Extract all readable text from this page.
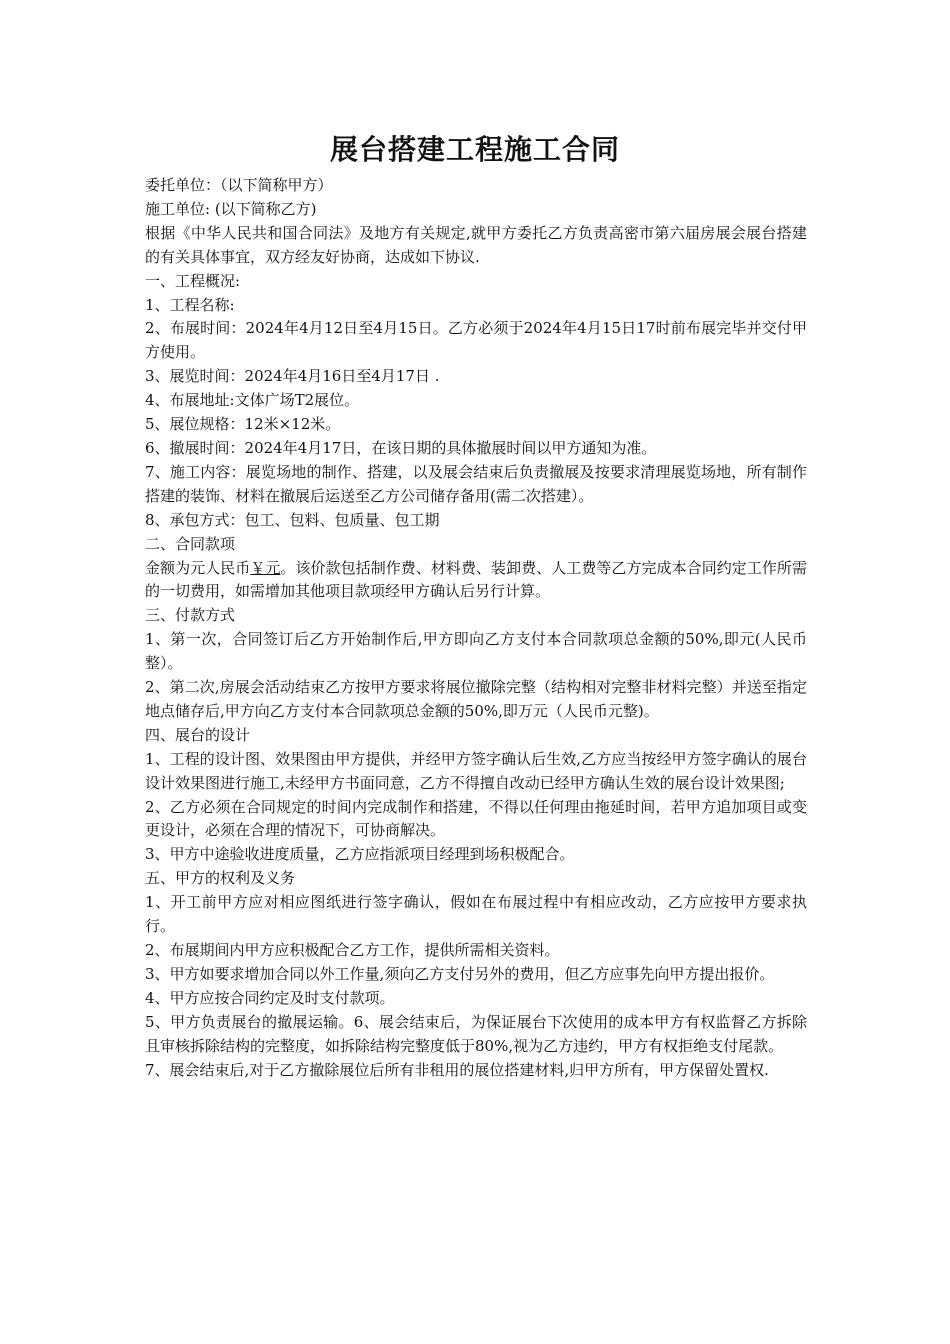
展台搭建工程施工合同

委托单位：（以下简称甲方）

施工单位: (以下简称乙方)

根据《中华人民共和国合同法》及地方有关规定,就甲方委托乙方负责高密市第六届房展会展台搭建的有关具体事宜，双方经友好协商，达成如下协议.

一、工程概况:

1、工程名称:

2、布展时间：2024年4月12日至4月15日。乙方必须于2024年4月15日17时前布展完毕并交付甲方使用。

3、展览时间：2024年4月16日至4月17日 .

4、布展地址:文体广场T2展位。

5、展位规格：12米×12米。

6、撤展时间：2024年4月17日，在该日期的具体撤展时间以甲方通知为准。

7、施工内容：展览场地的制作、搭建，以及展会结束后负责撤展及按要求清理展览场地，所有制作搭建的装饰、材料在撤展后运送至乙方公司储存备用(需二次搭建）。

8、承包方式：包工、包料、包质量、包工期

二、合同款项

金额为元人民币￥元。该价款包括制作费、材料费、装卸费、人工费等乙方完成本合同约定工作所需的一切费用，如需增加其他项目款项经甲方确认后另行计算。

三、付款方式

1、第一次，合同签订后乙方开始制作后,甲方即向乙方支付本合同款项总金额的50%,即元(人民币整）。

2、第二次,房展会活动结束乙方按甲方要求将展位撤除完整（结构相对完整非材料完整）并送至指定地点储存后,甲方向乙方支付本合同款项总金额的50%,即万元（人民币元整)。

四、展台的设计

1、工程的设计图、效果图由甲方提供，并经甲方签字确认后生效,乙方应当按经甲方签字确认的展台设计效果图进行施工,未经甲方书面同意，乙方不得擅自改动已经甲方确认生效的展台设计效果图;

2、乙方必须在合同规定的时间内完成制作和搭建，不得以任何理由拖延时间，若甲方追加项目或变更设计，必须在合理的情况下，可协商解决。

3、甲方中途验收进度质量，乙方应指派项目经理到场积极配合。

五、甲方的权利及义务

1、开工前甲方应对相应图纸进行签字确认，假如在布展过程中有相应改动，乙方应按甲方要求执行。

2、布展期间内甲方应积极配合乙方工作，提供所需相关资料。

3、甲方如要求增加合同以外工作量,须向乙方支付另外的费用，但乙方应事先向甲方提出报价。

4、甲方应按合同约定及时支付款项。

5、甲方负责展台的撤展运输。6、展会结束后，为保证展台下次使用的成本甲方有权监督乙方拆除且审核拆除结构的完整度，如拆除结构完整度低于80%,视为乙方违约，甲方有权拒绝支付尾款。

7、展会结束后,对于乙方撤除展位后所有非租用的展位搭建材料,归甲方所有，甲方保留处置权.
